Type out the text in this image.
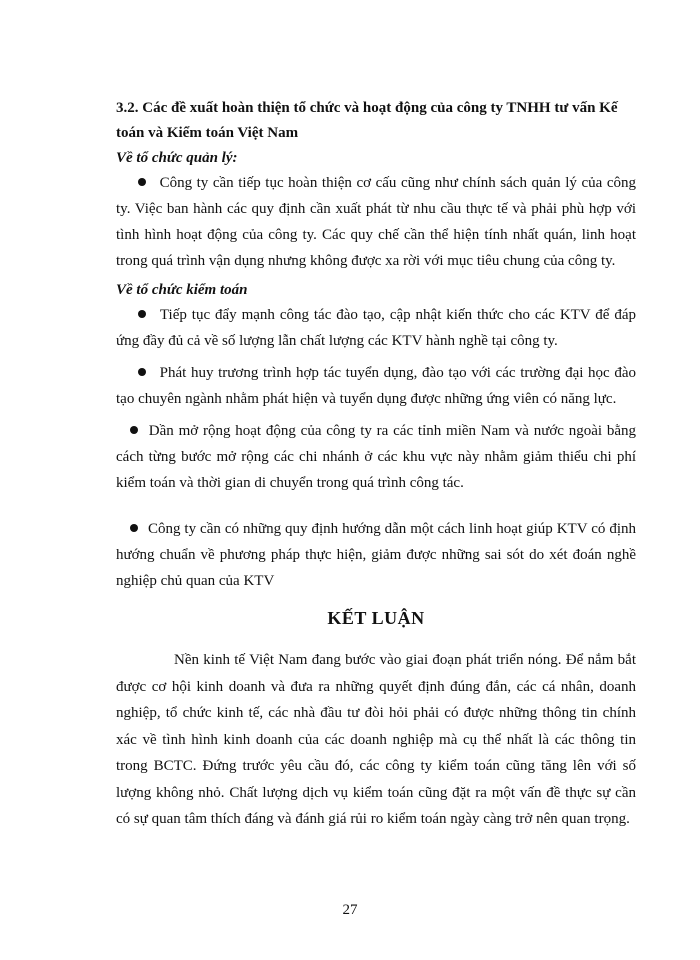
3.2. Các đề xuất hoàn thiện tổ chức và hoạt động của công ty TNHH tư vấn Kế toán và Kiểm toán Việt Nam

Về tổ chức quản lý:

Công ty cần tiếp tục hoàn thiện cơ cấu cũng như chính sách quản lý của công ty. Việc ban hành các quy định cần xuất phát từ nhu cầu thực tế và phải phù hợp với tình hình hoạt động của công ty. Các quy chế cần thể hiện tính nhất quán, linh hoạt trong quá trình vận dụng nhưng không được xa rời với mục tiêu chung của công ty.

Về tổ chức kiểm toán

Tiếp tục đẩy mạnh công tác đào tạo, cập nhật kiến thức cho các KTV để đáp ứng đầy đủ cả về số lượng lẫn chất lượng các KTV hành nghề tại công ty.

Phát huy trương trình hợp tác tuyển dụng, đào tạo với các trường đại học đào tạo chuyên ngành nhằm phát hiện và tuyển dụng được những ứng viên có năng lực.

Dần mở rộng hoạt động của công ty ra các tỉnh miền Nam và nước ngoài bằng cách từng bước mở rộng các chi nhánh ở các khu vực này nhằm giảm thiểu chi phí kiểm toán và thời gian di chuyển trong quá trình công tác.

Công ty cần có những quy định hướng dẫn một cách linh hoạt giúp KTV có định hướng chuẩn về phương pháp thực hiện, giảm được những sai sót do xét đoán nghề nghiệp chủ quan của KTV

KẾT LUẬN

Nền kinh tế Việt Nam đang bước vào giai đoạn phát triển nóng. Để nắm bắt được cơ hội kinh doanh và đưa ra những quyết định đúng đắn, các cá nhân, doanh nghiệp, tổ chức kinh tế, các nhà đầu tư đòi hỏi phải có được những thông tin chính xác về tình hình kinh doanh của các doanh nghiệp mà cụ thể nhất là các thông tin trong BCTC. Đứng trước yêu cầu đó, các công ty kiểm toán cũng tăng lên với số lượng không nhỏ. Chất lượng dịch vụ kiểm toán cũng đặt ra một vấn đề thực sự cần có sự quan tâm thích đáng và đánh giá rủi ro kiểm toán ngày càng trở nên quan trọng.

27
